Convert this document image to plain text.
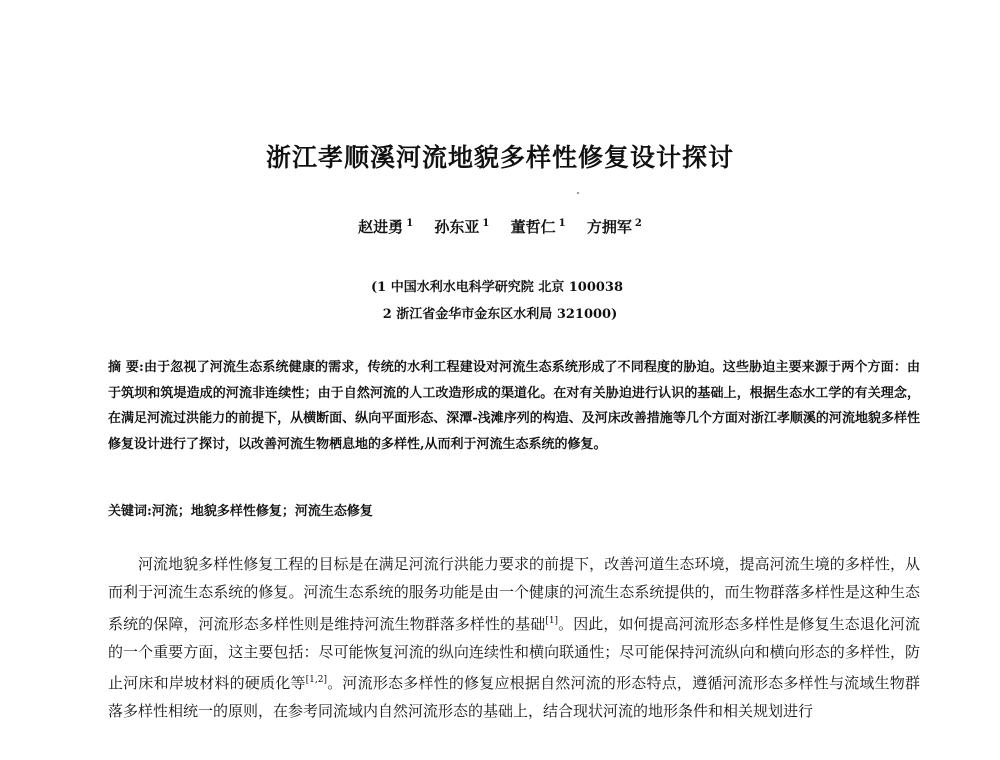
浙江孝顺溪河流地貌多样性修复设计探讨
赵进勇 $^1$ 孙东亚 $^1$ 董哲仁 $^1$ 方拥军 $^2$
(1 中国水利水电科学研究院 北京 100038
2 浙江省金华市金东区水利局 321000)
摘 要:由于忽视了河流生态系统健康的需求，传统的水利工程建设对河流生态系统形成了不同程度的胁迫。这些胁迫主要来源于两个方面：由于筑坝和筑堤造成的河流非连续性；由于自然河流的人工改造形成的渠道化。在对有关胁迫进行认识的基础上，根据生态水工学的有关理念，在满足河流过洪能力的前提下，从横断面、纵向平面形态、深潭-浅滩序列的构造、及河床改善措施等几个方面对浙江孝顺溪的河流地貌多样性修复设计进行了探讨，以改善河流生物栖息地的多样性,从而利于河流生态系统的修复。
关键词:河流；地貌多样性修复；河流生态修复
河流地貌多样性修复工程的目标是在满足河流行洪能力要求的前提下，改善河道生态环境，提高河流生境的多样性，从而利于河流生态系统的修复。河流生态系统的服务功能是由一个健康的河流生态系统提供的，而生物群落多样性是这种生态系统的保障，河流形态多样性则是维持河流生物群落多样性的基础[1]。因此，如何提高河流形态多样性是修复生态退化河流的一个重要方面，这主要包括：尽可能恢复河流的纵向连续性和横向联通性；尽可能保持河流纵向和横向形态的多样性，防止河床和岸坡材料的硬质化等[1,2]。河流形态多样性的修复应根据自然河流的形态特点，遵循河流形态多样性与流域生物群落多样性相统一的原则，在参考同流域内自然河流形态的基础上，结合现状河流的地形条件和相关规划进行
